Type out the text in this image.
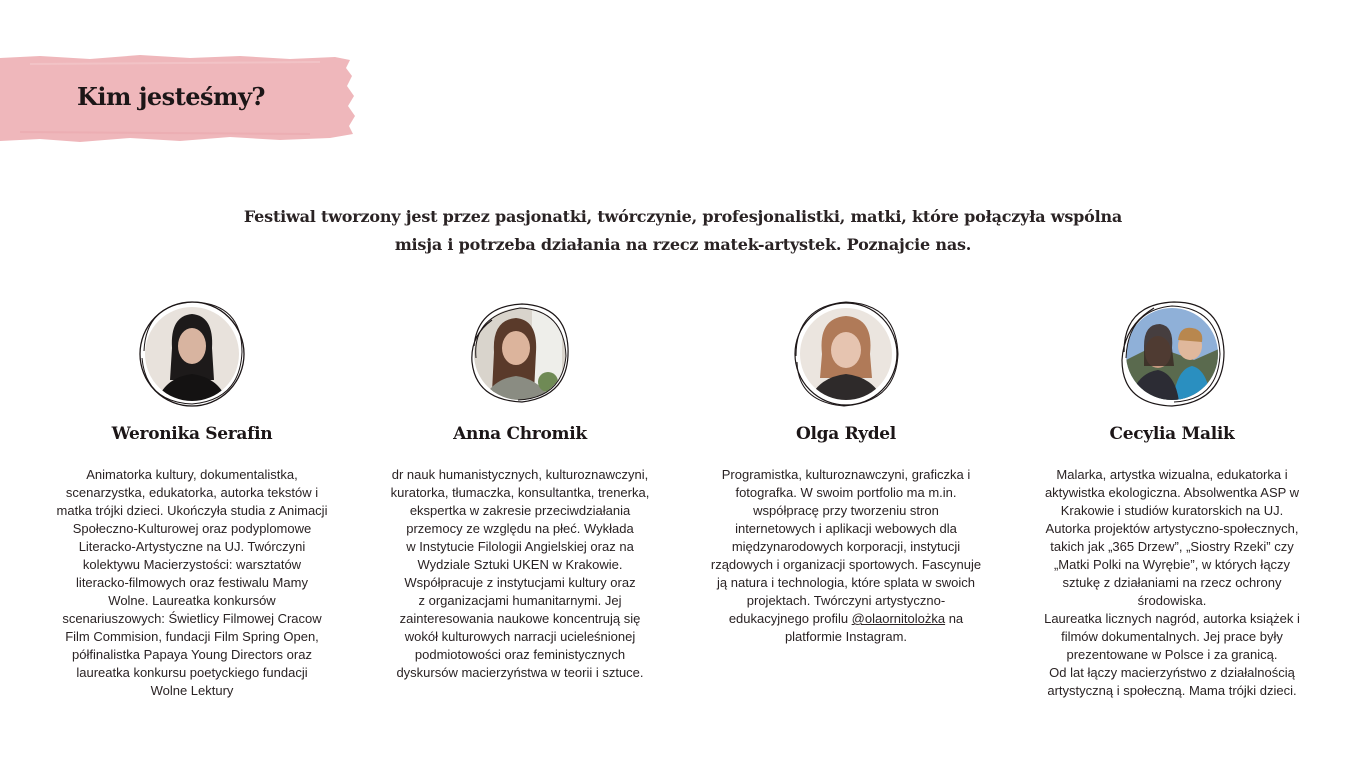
Kim jesteśmy?

Festiwal tworzony jest przez pasjonatki, twórczynie, profesjonalistki, matki, które połączyła wspólna
misja i potrzeba działania na rzecz matek-artystek. Poznajcie nas.

Weronika Serafin

Animatorka kultury, dokumentalistka,
scenarzystka, edukatorka, autorka tekstów i
matka trójki dzieci. Ukończyła studia z Animacji
Społeczno-Kulturowej oraz podyplomowe
Literacko-Artystyczne na UJ. Twórczyni
kolektywu Macierzystości: warsztatów
literacko-filmowych oraz festiwalu Mamy
Wolne. Laureatka konkursów
scenariuszowych: Świetlicy Filmowej Cracow
Film Commision, fundacji Film Spring Open,
półfinalistka Papaya Young Directors oraz
laureatka konkursu poetyckiego fundacji
Wolne Lektury

Anna Chromik

dr nauk humanistycznych, kulturoznawczyni,
kuratorka, tłumaczka, konsultantka, trenerka,
ekspertka w zakresie przeciwdziałania
przemocy ze względu na płeć. Wykłada
w Instytucie Filologii Angielskiej oraz na
Wydziale Sztuki UKEN w Krakowie.
Współpracuje z instytucjami kultury oraz
z organizacjami humanitarnymi. Jej
zainteresowania naukowe koncentrują się
wokół kulturowych narracji ucieleśnionej
podmiotowości oraz feministycznych
dyskursów macierzyństwa w teorii i sztuce.

Olga Rydel

Programistka, kulturoznawczyni, graficzka i
fotografka. W swoim portfolio ma m.in.
współpracę przy tworzeniu stron
internetowych i aplikacji webowych dla
międzynarodowych korporacji, instytucji
rządowych i organizacji sportowych. Fascynuje
ją natura i technologia, które splata w swoich
projektach. Twórczyni artystyczno-
edukacyjnego profilu @olaornitolożka na
platformie Instagram.

Cecylia Malik

Malarka, artystka wizualna, edukatorka i
aktywistka ekologiczna. Absolwentka ASP w
Krakowie i studiów kuratorskich na UJ.
Autorka projektów artystyczno-społecznych,
takich jak „365 Drzew”, „Siostry Rzeki” czy
„Matki Polki na Wyrębie”, w których łączy
sztukę z działaniami na rzecz ochrony
środowiska.
Laureatka licznych nagród, autorka książek i
filmów dokumentalnych. Jej prace były
prezentowane w Polsce i za granicą.
Od lat łączy macierzyństwo z działalnością
artystyczną i społeczną. Mama trójki dzieci.
